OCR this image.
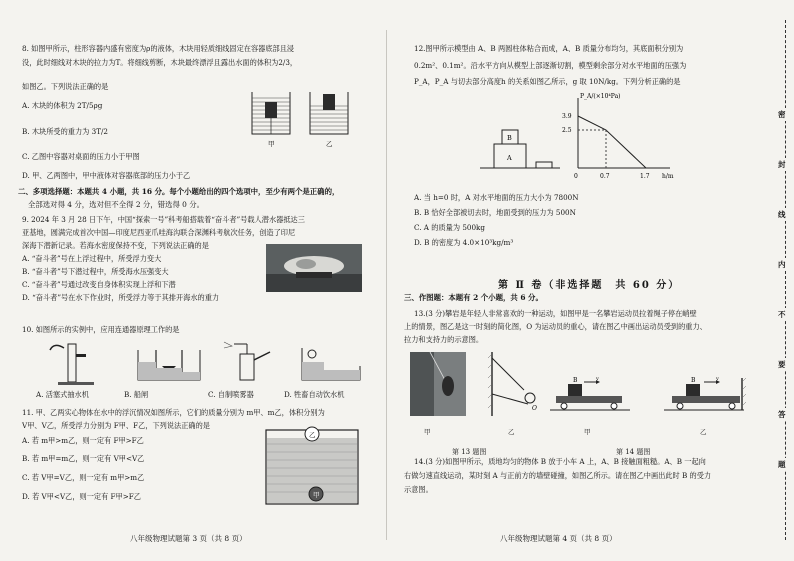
8. 如图甲所示，柱形容器内盛有密度为ρ的液体，木块用轻质细线固定在容器底部且浸

没，此时细线对木块的拉力为T。将细线剪断，木块最终漂浮且露出水面的体积为2/3，

如图乙。下列说法正确的是

A. 木块的体积为 2T/5ρg

B. 木块所受的重力为 3T/2

C. 乙图中容器对桌面的压力小于甲图

D. 甲、乙两图中，甲中液体对容器底部的压力小于乙

甲	乙

二、多项选择题：本题共 4 小题，共 16 分。每个小题给出的四个选项中，至少有两个是正确的，

全部选对得 4 分，选对但不全得 2 分，错选得 0 分。

9. 2024 年 3 月 28 日下午，中国“探索一号”科考船搭载着“奋斗者”号载人潜水器抵达三

亚基地，圆满完成首次中国—印度尼西亚爪哇海沟联合深渊科考航次任务，创造了印尼

深海下潜新记录。若海水密度保持不变，下列说法正确的是

A. “奋斗者”号在上浮过程中，所受浮力变大

B. “奋斗者”号下潜过程中，所受海水压强变大

C. “奋斗者”号通过改变自身体积实现上浮和下潜

D. “奋斗者”号在水下作业时，所受浮力等于其排开海水的重力

10. 如图所示的实例中，应用连通器原理工作的是

A. 活塞式抽水机	B. 船闸	C. 自制喷雾器	D. 牲畜自动饮水机

11. 甲、乙两实心物体在水中的浮沉情况如图所示，它们的质量分别为 m甲、m乙，体积分别为

V甲、V乙，所受浮力分别为 F甲、F乙，下列说法正确的是

A. 若 m甲>m乙，则一定有 F甲>F乙

B. 若 m甲=m乙，则一定有 V甲<V乙

C. 若 V甲=V乙，则一定有 m甲>m乙

D. 若 V甲<V乙，则一定有 F甲>F乙

乙
甲

八年级物理试题第 3 页（共 8 页）

12.图甲所示模型由 A、B 两圆柱体粘合而成，A、B 质量分布均匀，其底面积分别为

0.2m²、0.1m²。沿水平方向从模型上部逐渐切割，模型剩余部分对水平地面的压强为

P_A，P_A 与切去部分高度h 的关系如图乙所示，g 取 10N/kg。下列分析正确的是

B
A
P_A/(×10⁴Pa)
h/m
3.9
2.5
0	0.7	1.7

A. 当 h=0 时，A 对水平地面的压力大小为 7800N

B. B 恰好全部被切去时，地面受到的压力为 500N

C. A 的质量为 500kg

D. B 的密度为 4.0×10³kg/m³

第 Ⅱ 卷（非选择题　共 60 分）

三、作图题：本题有 2 个小题，共 6 分。

13.(3 分)攀岩是年轻人非常喜欢的一种运动，如图甲是一名攀岩运动员拉着绳子停在峭壁

上的情景，图乙是这一时刻的简化图，O 为运动员的重心，请在图乙中画出运动员受到的重力、

拉力和支持力的示意图。

O
B	v	B	v

甲	乙	甲	乙

第 13 题图	第 14 题图

14.(3 分)如图甲所示，质地均匀的物体 B 放于小车 A 上，A、B 接触面粗糙。A、B 一起向

右做匀速直线运动，某时刻 A 与正前方的墙壁碰撞，如图乙所示。请在图乙中画出此时 B 的受力

示意图。

八年级物理试题第 4 页（共 8 页）

密
封
线
内
不
要
答
题
